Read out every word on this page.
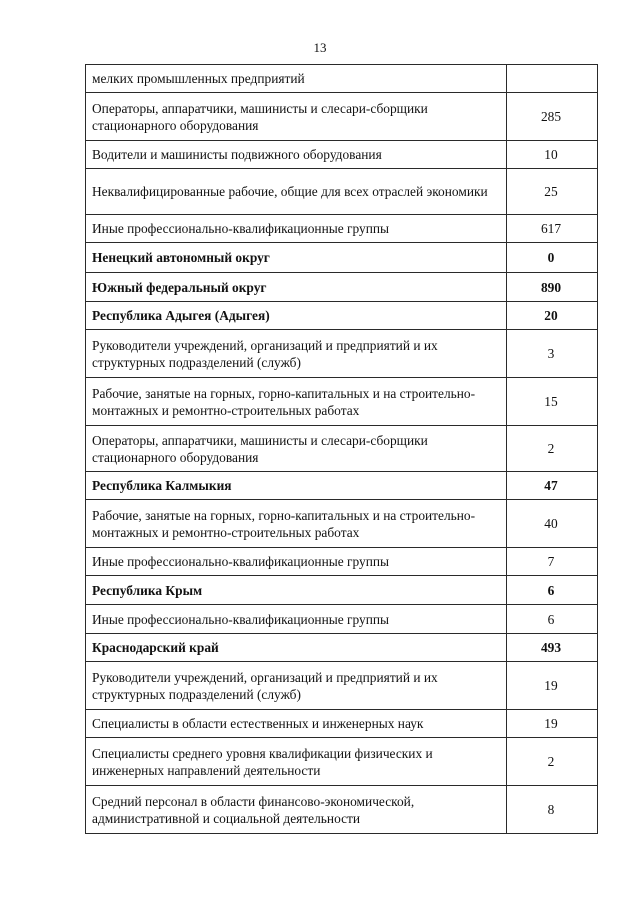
13
мелких промышленных предприятий	
Операторы, аппаратчики, машинисты и слесари-сборщики стационарного оборудования	285
Водители и машинисты подвижного оборудования	10
Неквалифицированные рабочие, общие для всех отраслей экономики	25
Иные профессионально-квалификационные группы	617
Ненецкий автономный округ	0
Южный федеральный округ	890
Республика Адыгея (Адыгея)	20
Руководители учреждений, организаций и предприятий и их структурных подразделений (служб)	3
Рабочие, занятые на горных, горно-капитальных и на строительно-монтажных и ремонтно-строительных работах	15
Операторы, аппаратчики, машинисты и слесари-сборщики стационарного оборудования	2
Республика Калмыкия	47
Рабочие, занятые на горных, горно-капитальных и на строительно-монтажных и ремонтно-строительных работах	40
Иные профессионально-квалификационные группы	7
Республика Крым	6
Иные профессионально-квалификационные группы	6
Краснодарский край	493
Руководители учреждений, организаций и предприятий и их структурных подразделений (служб)	19
Специалисты в области естественных и инженерных наук	19
Специалисты среднего уровня квалификации физических и инженерных направлений деятельности	2
Средний персонал в области финансово-экономической, административной и социальной деятельности	8
